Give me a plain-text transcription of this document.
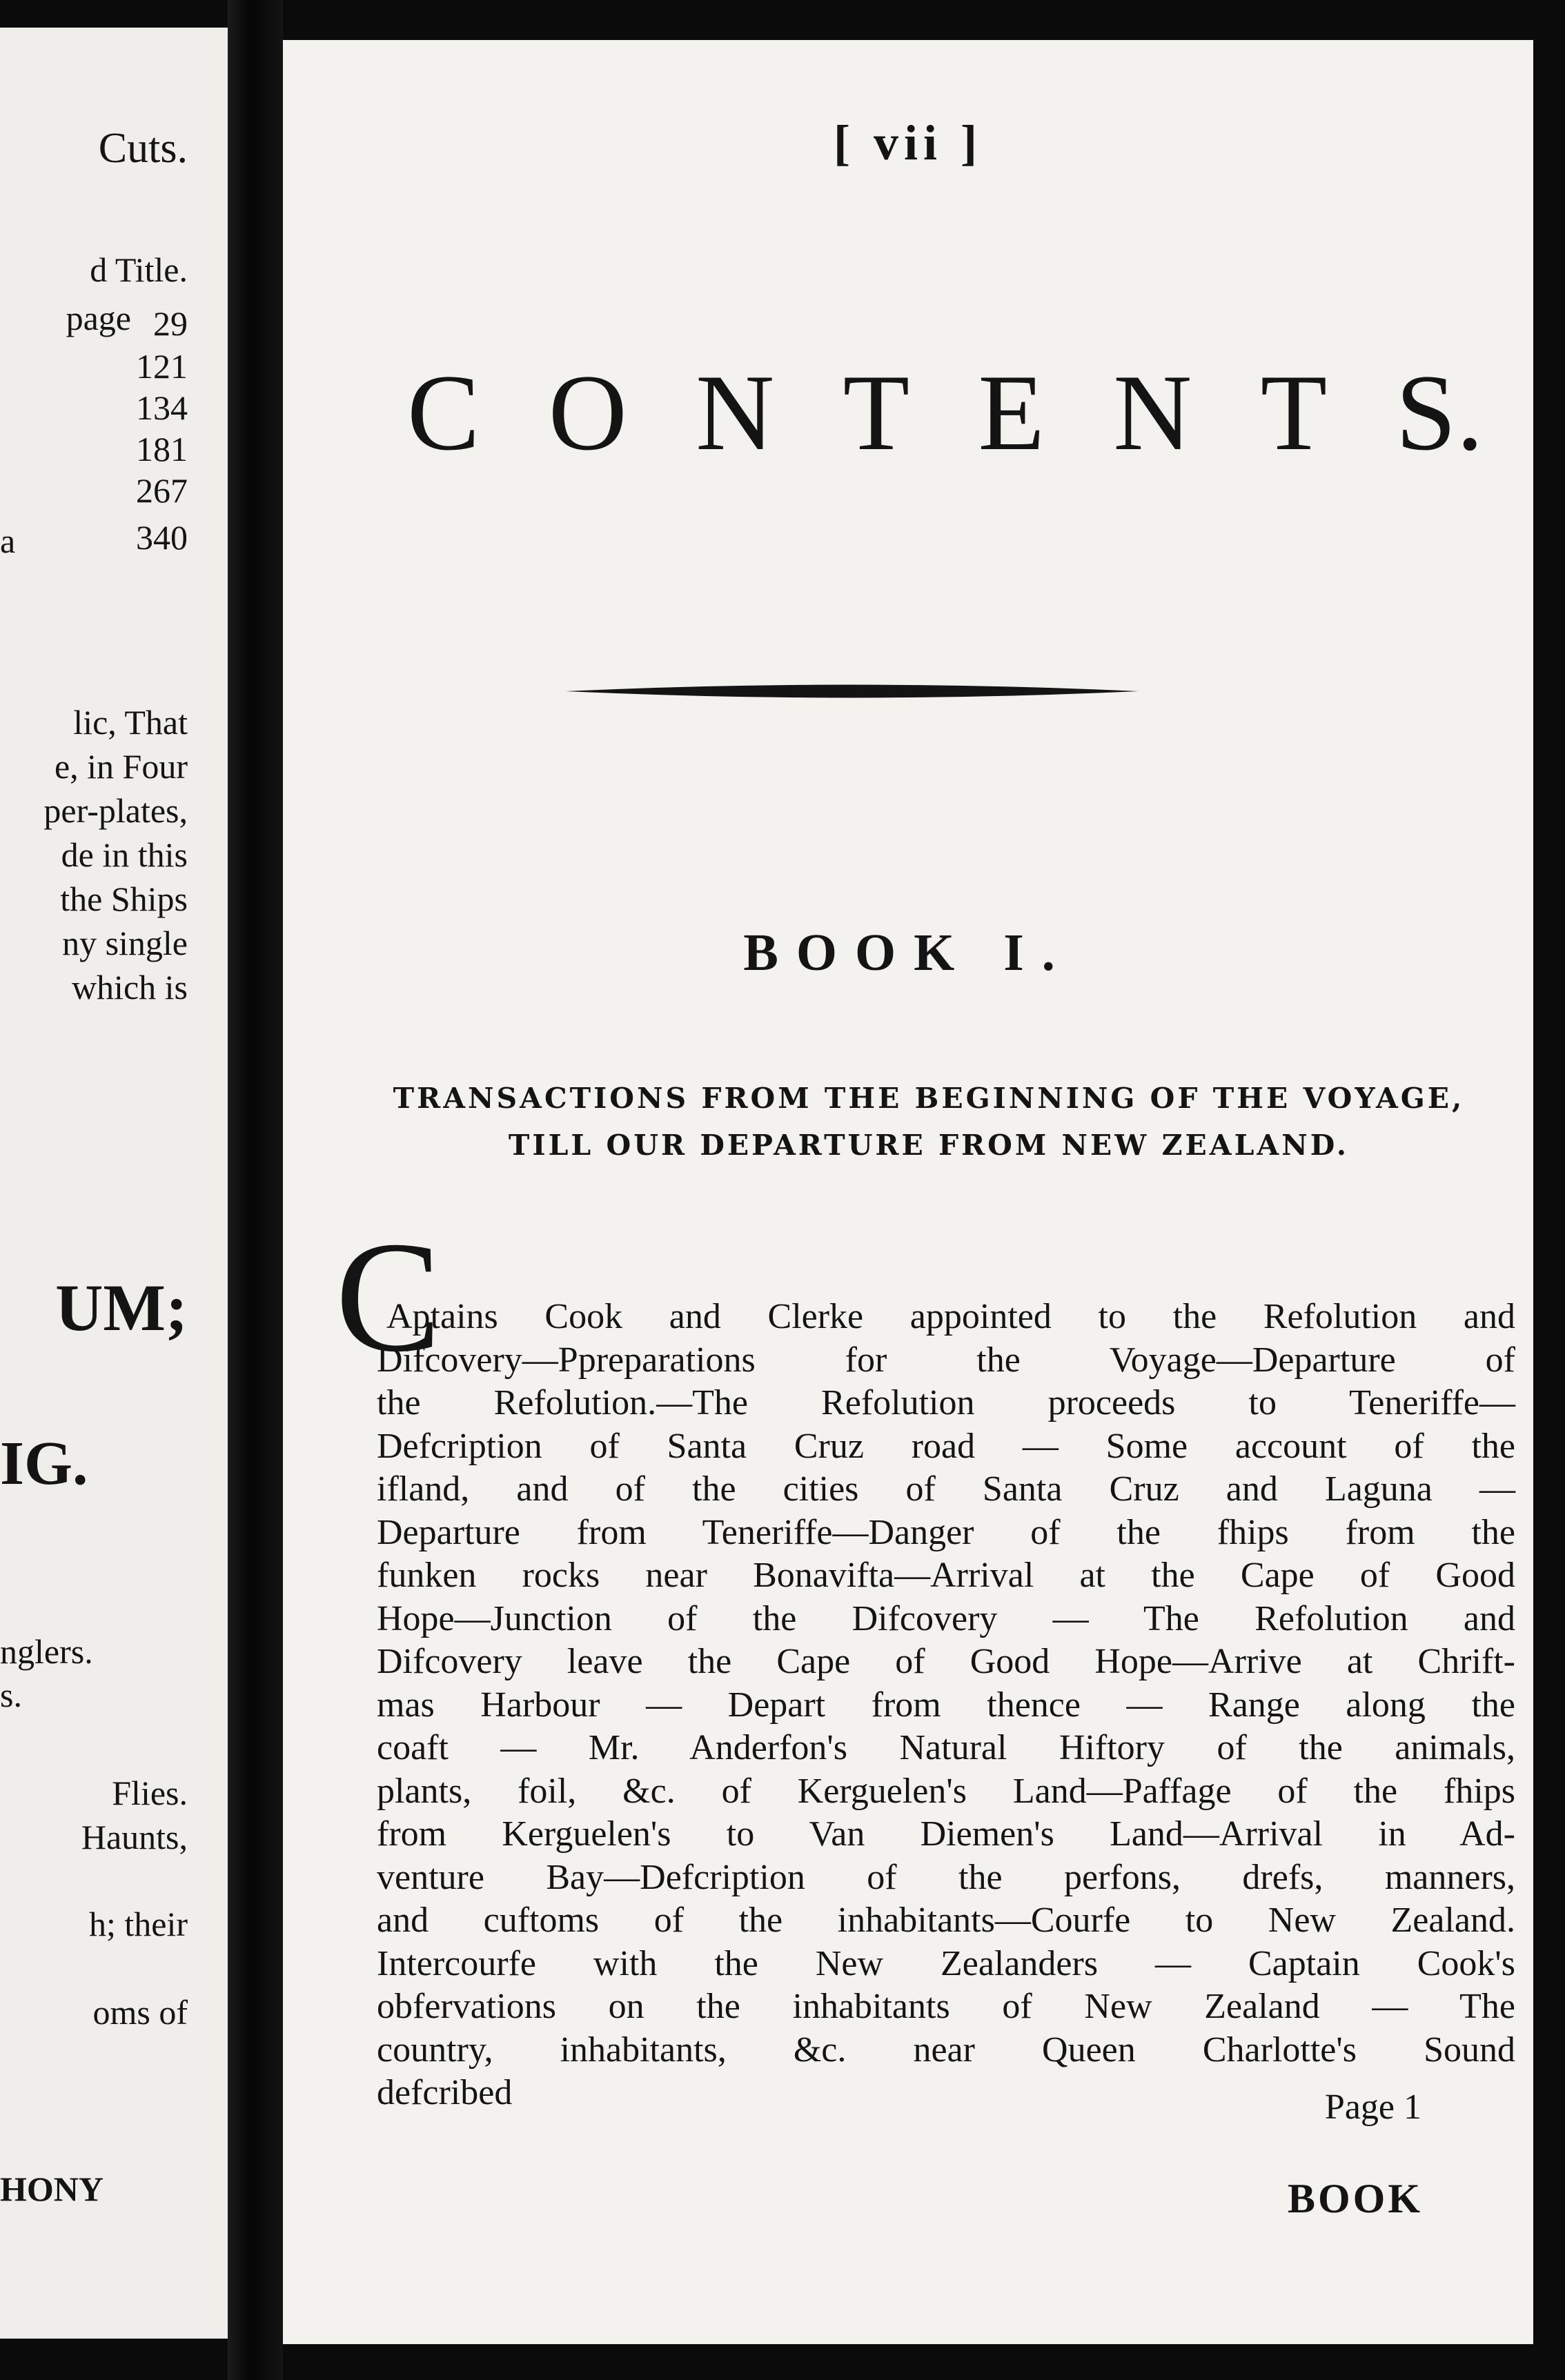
Cuts.
d Title.
page 29
121
134
181
267
a	340
lic, That
e, in Four
per-plates,
de in this
the Ships
ny single
which is
UM;
IG.
nglers.
s.
Flies.
Haunts,
h; their
oms of
HONY
[ vii ]
C O N T E N T S.
BOOK I.
TRANSACTIONS FROM THE BEGINNING OF THE VOYAGE,
TILL OUR DEPARTURE FROM NEW ZEALAND.
C
Aptains Cook and Clerke appointed to the Refolution and
Difcovery—Ppreparations for the Voyage—Departure of
the Refolution.—The Refolution proceeds to Teneriffe—
Defcription of Santa Cruz road — Some account of the
ifland, and of the cities of Santa Cruz and Laguna —
Departure from Teneriffe—Danger of the fhips from the
funken rocks near Bonavifta—Arrival at the Cape of Good
Hope—Junction of the Difcovery — The Refolution and
Difcovery leave the Cape of Good Hope—Arrive at Chrift-
mas Harbour — Depart from thence — Range along the
coaft — Mr. Anderfon's Natural Hiftory of the animals,
plants, foil, &c. of Kerguelen's Land—Paffage of the fhips
from Kerguelen's to Van Diemen's Land—Arrival in Ad-
venture Bay—Defcription of the perfons, drefs, manners,
and cuftoms of the inhabitants—Courfe to New Zealand.
Intercourfe with the New Zealanders — Captain Cook's
obfervations on the inhabitants of New Zealand — The
country, inhabitants, &c. near Queen Charlotte's Sound
defcribed	Page 1
BOOK
